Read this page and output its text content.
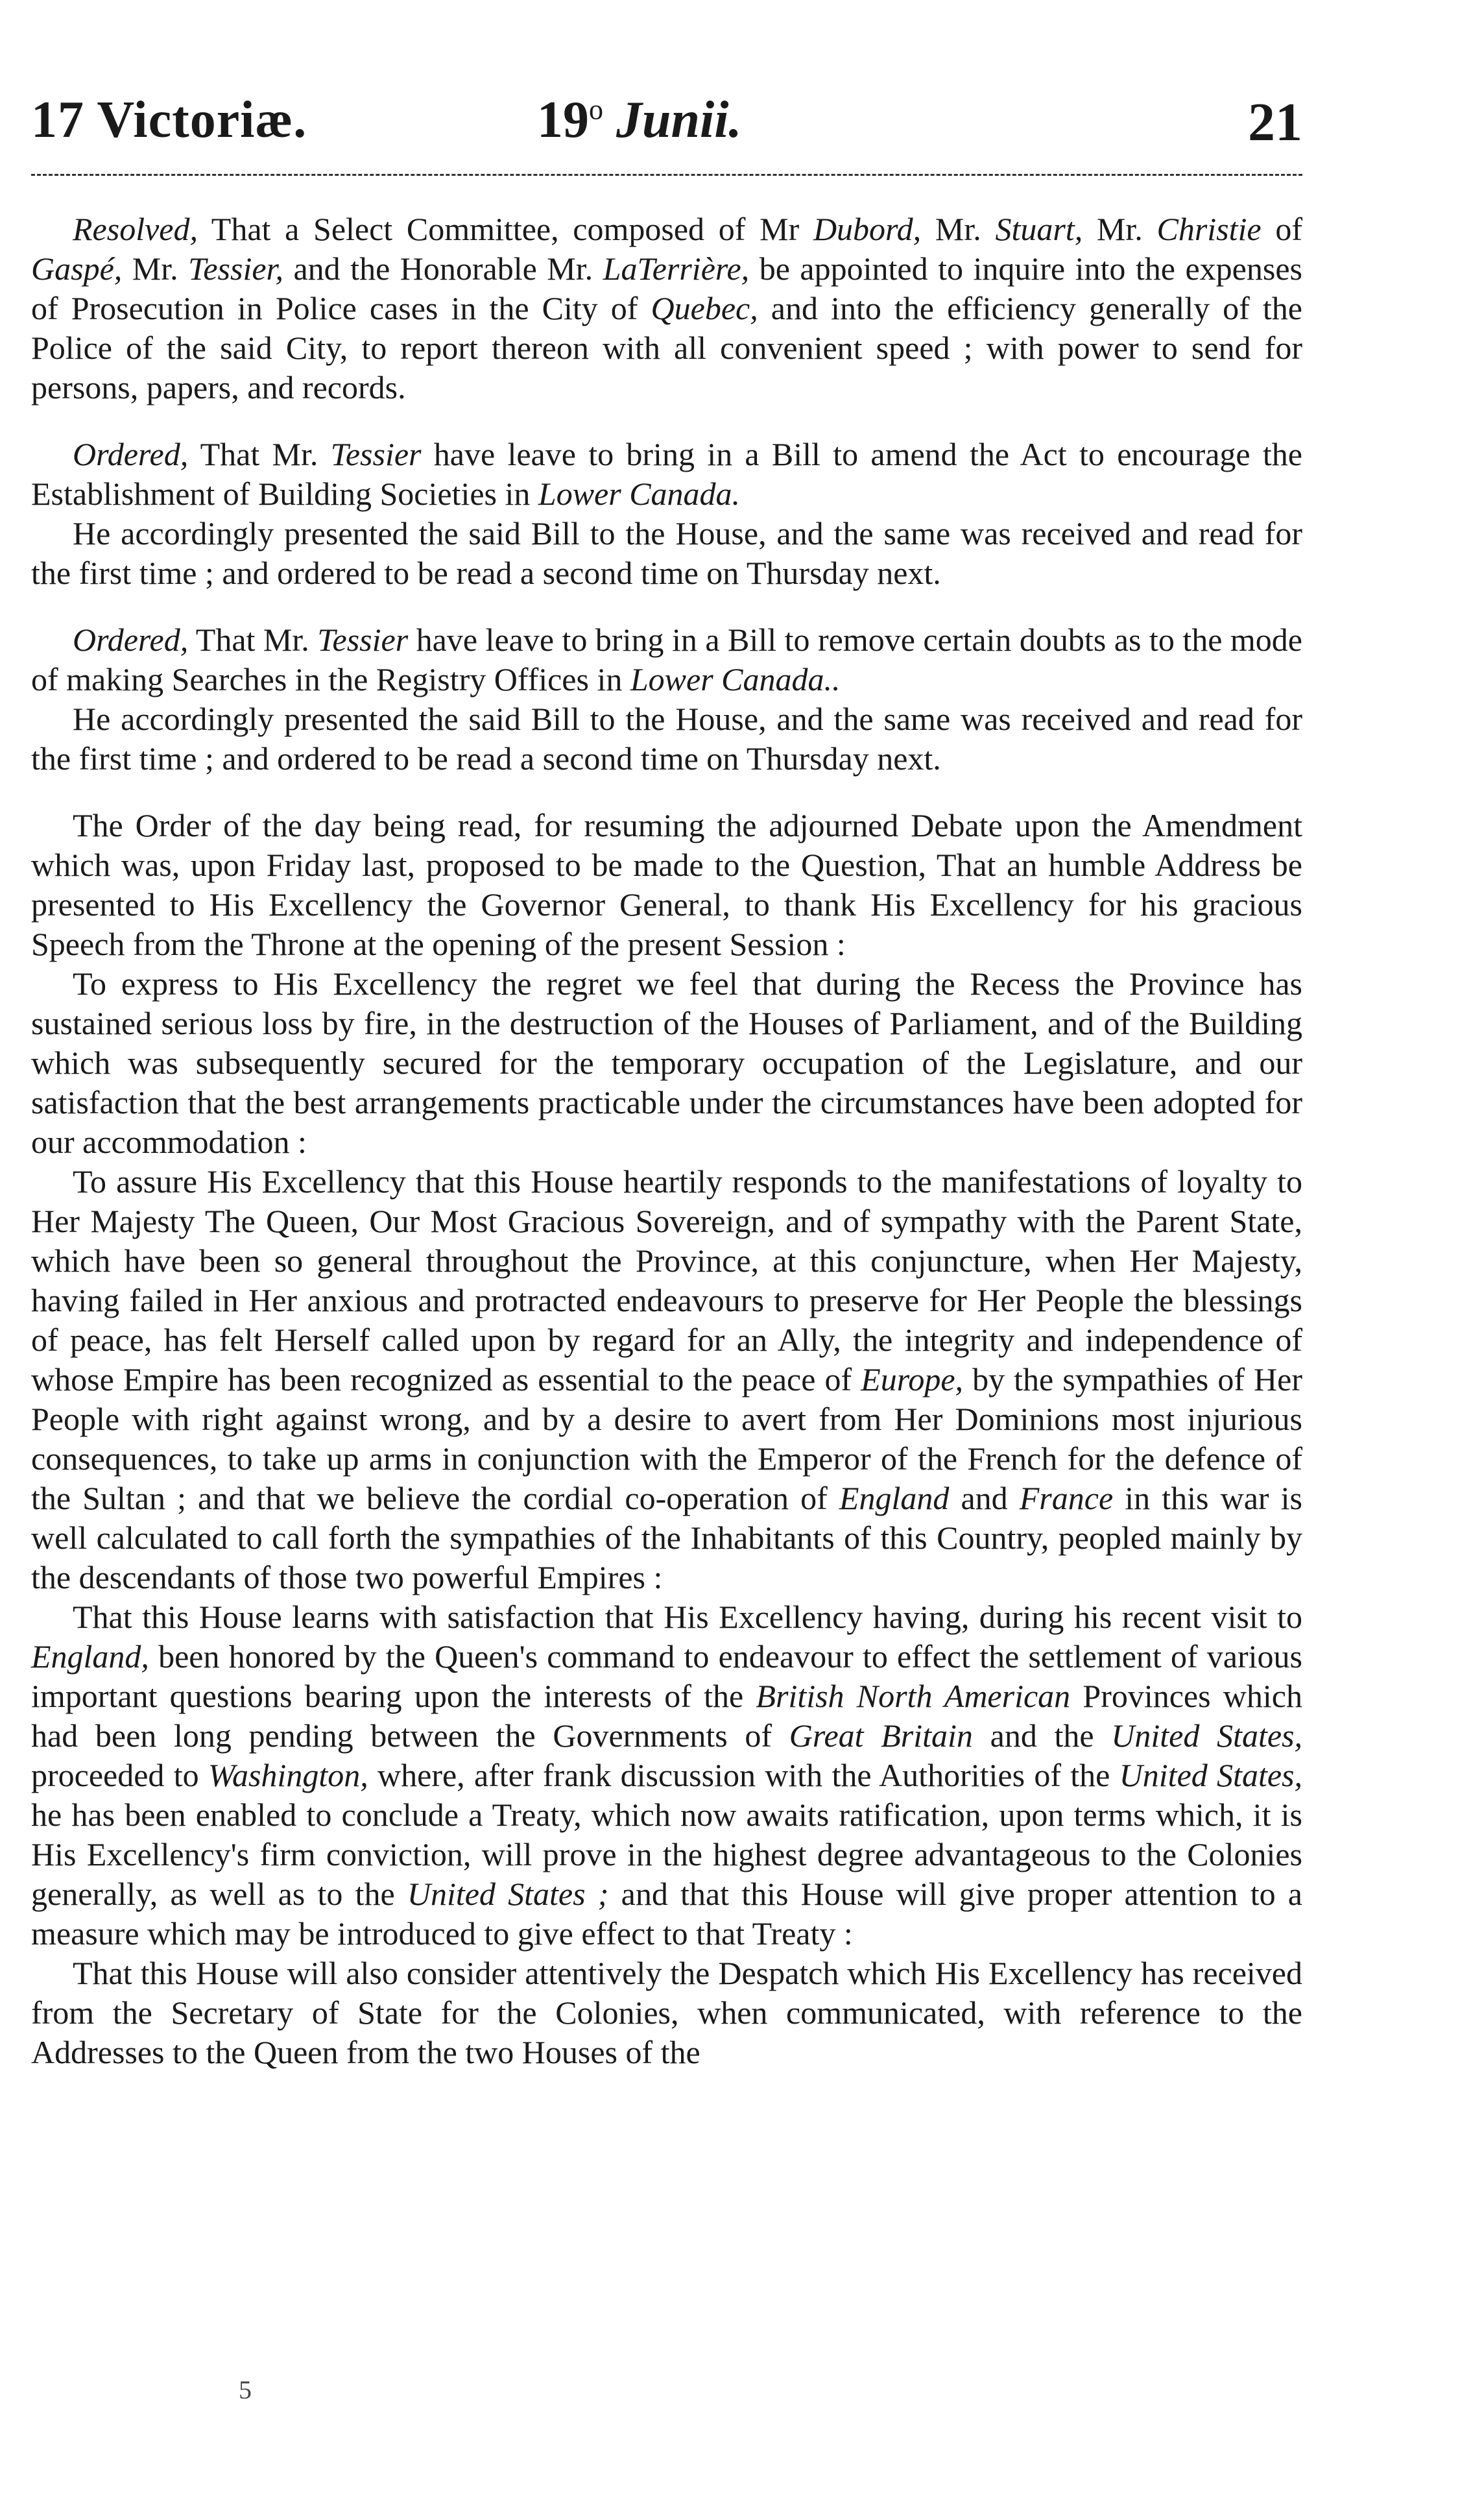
17 Victoriæ.	19$^o$ Junii.	21

Resolved, That a Select Committee, composed of Mr Dubord, Mr. Stuart, Mr. Christie of Gaspé, Mr. Tessier, and the Honorable Mr. LaTerrière, be appointed to inquire into the expenses of Prosecution in Police cases in the City of Quebec, and into the efficiency generally of the Police of the said City, to report thereon with all convenient speed ; with power to send for persons, papers, and records.

Ordered, That Mr. Tessier have leave to bring in a Bill to amend the Act to encourage the Establishment of Building Societies in Lower Canada.

He accordingly presented the said Bill to the House, and the same was received and read for the first time ; and ordered to be read a second time on Thursday next.

Ordered, That Mr. Tessier have leave to bring in a Bill to remove certain doubts as to the mode of making Searches in the Registry Offices in Lower Canada..

He accordingly presented the said Bill to the House, and the same was received and read for the first time ; and ordered to be read a second time on Thursday next.

The Order of the day being read, for resuming the adjourned Debate upon the Amendment which was, upon Friday last, proposed to be made to the Question, That an humble Address be presented to His Excellency the Governor General, to thank His Excellency for his gracious Speech from the Throne at the opening of the present Session :

To express to His Excellency the regret we feel that during the Recess the Province has sustained serious loss by fire, in the destruction of the Houses of Parliament, and of the Building which was subsequently secured for the temporary occupation of the Legislature, and our satisfaction that the best arrangements practicable under the circumstances have been adopted for our accommodation :

To assure His Excellency that this House heartily responds to the manifestations of loyalty to Her Majesty The Queen, Our Most Gracious Sovereign, and of sympathy with the Parent State, which have been so general throughout the Province, at this conjuncture, when Her Majesty, having failed in Her anxious and protracted endeavours to preserve for Her People the blessings of peace, has felt Herself called upon by regard for an Ally, the integrity and independence of whose Empire has been recognized as essential to the peace of Europe, by the sympathies of Her People with right against wrong, and by a desire to avert from Her Dominions most injurious consequences, to take up arms in conjunction with the Emperor of the French for the defence of the Sultan ; and that we believe the cordial co-operation of England and France in this war is well calculated to call forth the sympathies of the Inhabitants of this Country, peopled mainly by the descendants of those two powerful Empires :

That this House learns with satisfaction that His Excellency having, during his recent visit to England, been honored by the Queen's command to endeavour to effect the settlement of various important questions bearing upon the interests of the British North American Provinces which had been long pending between the Governments of Great Britain and the United States, proceeded to Washington, where, after frank discussion with the Authorities of the United States, he has been enabled to conclude a Treaty, which now awaits ratification, upon terms which, it is His Excellency's firm conviction, will prove in the highest degree advantageous to the Colonies generally, as well as to the United States ; and that this House will give proper attention to a measure which may be introduced to give effect to that Treaty :

That this House will also consider attentively the Despatch which His Excellency has received from the Secretary of State for the Colonies, when communicated, with reference to the Addresses to the Queen from the two Houses of the

5
